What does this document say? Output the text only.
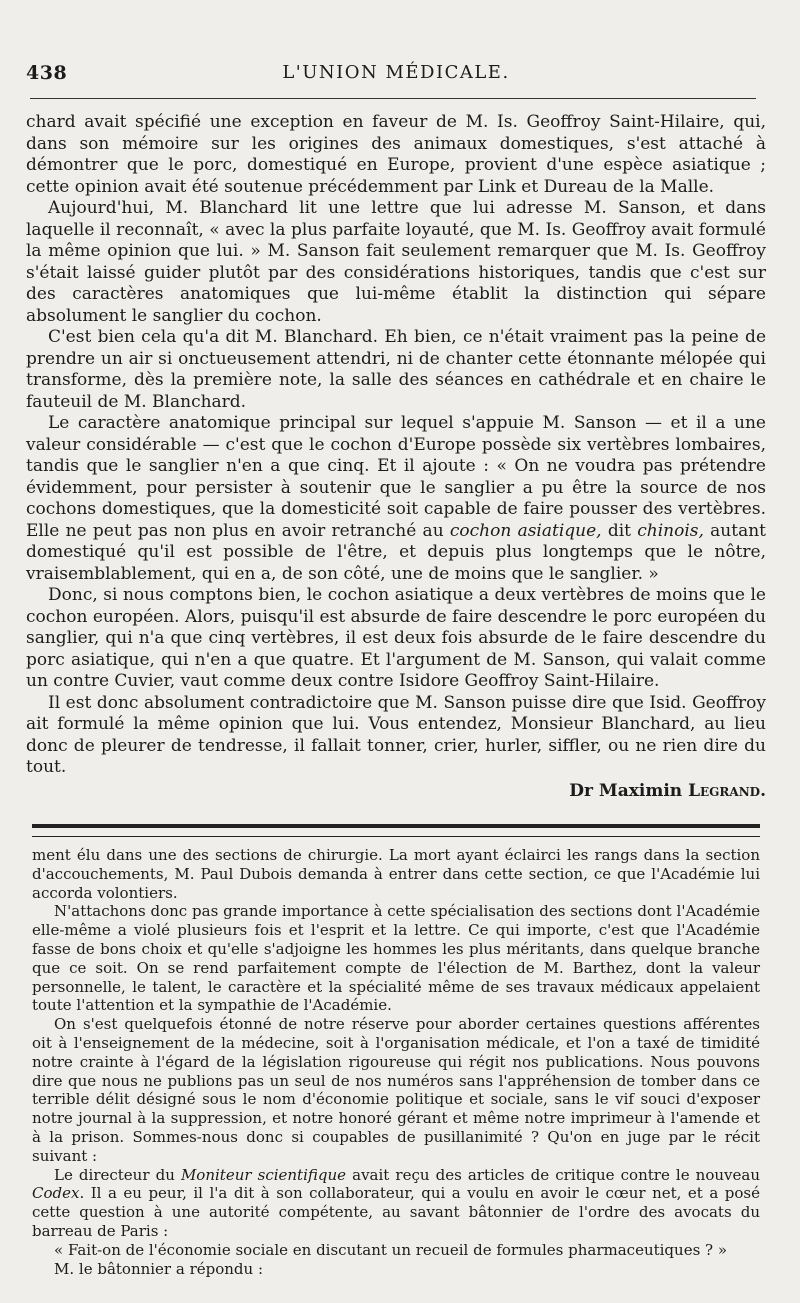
438	L'UNION MÉDICALE.

chard avait spécifié une exception en faveur de M. Is. Geoffroy Saint-Hilaire, qui, dans son mémoire sur les origines des animaux domestiques, s'est attaché à démontrer que le porc, domestiqué en Europe, provient d'une espèce asiatique ; cette opinion avait été soutenue précédemment par Link et Dureau de la Malle.

Aujourd'hui, M. Blanchard lit une lettre que lui adresse M. Sanson, et dans laquelle il reconnaît, « avec la plus parfaite loyauté, que M. Is. Geoffroy avait formulé la même opinion que lui. » M. Sanson fait seulement remarquer que M. Is. Geoffroy s'était laissé guider plutôt par des considérations historiques, tandis que c'est sur des caractères anatomiques que lui-même établit la distinction qui sépare absolument le sanglier du cochon.

C'est bien cela qu'a dit M. Blanchard. Eh bien, ce n'était vraiment pas la peine de prendre un air si onctueusement attendri, ni de chanter cette étonnante mélopée qui transforme, dès la première note, la salle des séances en cathédrale et en chaire le fauteuil de M. Blanchard.

Le caractère anatomique principal sur lequel s'appuie M. Sanson — et il a une valeur considérable — c'est que le cochon d'Europe possède six vertèbres lombaires, tandis que le sanglier n'en a que cinq. Et il ajoute : « On ne voudra pas prétendre évidemment, pour persister à soutenir que le sanglier a pu être la source de nos cochons domestiques, que la domesticité soit capable de faire pousser des vertèbres. Elle ne peut pas non plus en avoir retranché au cochon asiatique, dit chinois, autant domestiqué qu'il est possible de l'être, et depuis plus longtemps que le nôtre, vraisemblablement, qui en a, de son côté, une de moins que le sanglier. »

Donc, si nous comptons bien, le cochon asiatique a deux vertèbres de moins que le cochon européen. Alors, puisqu'il est absurde de faire descendre le porc européen du sanglier, qui n'a que cinq vertèbres, il est deux fois absurde de le faire descendre du porc asiatique, qui n'en a que quatre. Et l'argument de M. Sanson, qui valait comme un contre Cuvier, vaut comme deux contre Isidore Geoffroy Saint-Hilaire.

Il est donc absolument contradictoire que M. Sanson puisse dire que Isid. Geoffroy ait formulé la même opinion que lui. Vous entendez, Monsieur Blanchard, au lieu donc de pleurer de tendresse, il fallait tonner, crier, hurler, siffler, ou ne rien dire du tout.

Dr Maximin Legrand.

ment élu dans une des sections de chirurgie. La mort ayant éclairci les rangs dans la section d'accouchements, M. Paul Dubois demanda à entrer dans cette section, ce que l'Académie lui accorda volontiers.

N'attachons donc pas grande importance à cette spécialisation des sections dont l'Académie elle-même a violé plusieurs fois et l'esprit et la lettre. Ce qui importe, c'est que l'Académie fasse de bons choix et qu'elle s'adjoigne les hommes les plus méritants, dans quelque branche que ce soit. On se rend parfaitement compte de l'élection de M. Barthez, dont la valeur personnelle, le talent, le caractère et la spécialité même de ses travaux médicaux appelaient toute l'attention et la sympathie de l'Académie.

On s'est quelquefois étonné de notre réserve pour aborder certaines questions afférentes oit à l'enseignement de la médecine, soit à l'organisation médicale, et l'on a taxé de timidité notre crainte à l'égard de la législation rigoureuse qui régit nos publications. Nous pouvons dire que nous ne publions pas un seul de nos numéros sans l'appréhension de tomber dans ce terrible délit désigné sous le nom d'économie politique et sociale, sans le vif souci d'exposer notre journal à la suppression, et notre honoré gérant et même notre imprimeur à l'amende et à la prison. Sommes-nous donc si coupables de pusillanimité ? Qu'on en juge par le récit suivant :

Le directeur du Moniteur scientifique avait reçu des articles de critique contre le nouveau Codex. Il a eu peur, il l'a dit à son collaborateur, qui a voulu en avoir le cœur net, et a posé cette question à une autorité compétente, au savant bâtonnier de l'ordre des avocats du barreau de Paris :

« Fait-on de l'économie sociale en discutant un recueil de formules pharmaceutiques ? »

M. le bâtonnier a répondu :
